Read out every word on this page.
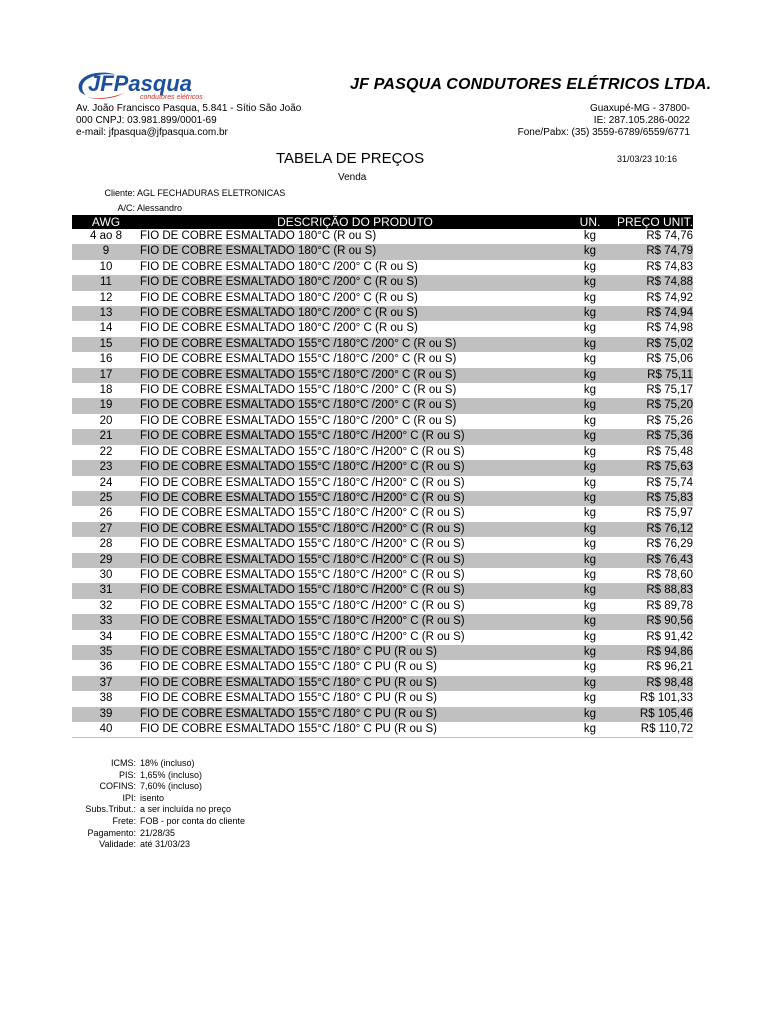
JFPasqua
condutores elétricos
JF PASQUA CONDUTORES ELÉTRICOS LTDA.
Av. João Francisco Pasqua, 5.841 - Sítio São João
000 CNPJ: 03.981.899/0001-69
e-mail: jfpasqua@jfpasqua.com.br
Guaxupé-MG - 37800-
IE: 287.105.286-0022
Fone/Pabx: (35) 3559-6789/6559/6771
TABELA DE PREÇOS
Venda
31/03/23 10:16
Cliente: AGL FECHADURAS ELETRONICAS
A/C: Alessandro
AWG	DESCRIÇÃO DO PRODUTO	UN.	PREÇO UNIT.
4 ao 8	FIO DE COBRE ESMALTADO 180°C (R ou S)	kg	R$ 74,76
9	FIO DE COBRE ESMALTADO 180°C (R ou S)	kg	R$ 74,79
10	FIO DE COBRE ESMALTADO 180°C /200° C (R ou S)	kg	R$ 74,83
11	FIO DE COBRE ESMALTADO 180°C /200° C (R ou S)	kg	R$ 74,88
12	FIO DE COBRE ESMALTADO 180°C /200° C (R ou S)	kg	R$ 74,92
13	FIO DE COBRE ESMALTADO 180°C /200° C (R ou S)	kg	R$ 74,94
14	FIO DE COBRE ESMALTADO 180°C /200° C (R ou S)	kg	R$ 74,98
15	FIO DE COBRE ESMALTADO 155°C /180°C /200° C (R ou S)	kg	R$ 75,02
16	FIO DE COBRE ESMALTADO 155°C /180°C /200° C (R ou S)	kg	R$ 75,06
17	FIO DE COBRE ESMALTADO 155°C /180°C /200° C (R ou S)	kg	R$ 75,11
18	FIO DE COBRE ESMALTADO 155°C /180°C /200° C (R ou S)	kg	R$ 75,17
19	FIO DE COBRE ESMALTADO 155°C /180°C /200° C (R ou S)	kg	R$ 75,20
20	FIO DE COBRE ESMALTADO 155°C /180°C /200° C (R ou S)	kg	R$ 75,26
21	FIO DE COBRE ESMALTADO 155°C /180°C /H200° C (R ou S)	kg	R$ 75,36
22	FIO DE COBRE ESMALTADO 155°C /180°C /H200° C (R ou S)	kg	R$ 75,48
23	FIO DE COBRE ESMALTADO 155°C /180°C /H200° C (R ou S)	kg	R$ 75,63
24	FIO DE COBRE ESMALTADO 155°C /180°C /H200° C (R ou S)	kg	R$ 75,74
25	FIO DE COBRE ESMALTADO 155°C /180°C /H200° C (R ou S)	kg	R$ 75,83
26	FIO DE COBRE ESMALTADO 155°C /180°C /H200° C (R ou S)	kg	R$ 75,97
27	FIO DE COBRE ESMALTADO 155°C /180°C /H200° C (R ou S)	kg	R$ 76,12
28	FIO DE COBRE ESMALTADO 155°C /180°C /H200° C (R ou S)	kg	R$ 76,29
29	FIO DE COBRE ESMALTADO 155°C /180°C /H200° C (R ou S)	kg	R$ 76,43
30	FIO DE COBRE ESMALTADO 155°C /180°C /H200° C (R ou S)	kg	R$ 78,60
31	FIO DE COBRE ESMALTADO 155°C /180°C /H200° C (R ou S)	kg	R$ 88,83
32	FIO DE COBRE ESMALTADO 155°C /180°C /H200° C (R ou S)	kg	R$ 89,78
33	FIO DE COBRE ESMALTADO 155°C /180°C /H200° C (R ou S)	kg	R$ 90,56
34	FIO DE COBRE ESMALTADO 155°C /180°C /H200° C (R ou S)	kg	R$ 91,42
35	FIO DE COBRE ESMALTADO 155°C /180° C PU (R ou S)	kg	R$ 94,86
36	FIO DE COBRE ESMALTADO 155°C /180° C PU (R ou S)	kg	R$ 96,21
37	FIO DE COBRE ESMALTADO 155°C /180° C PU (R ou S)	kg	R$ 98,48
38	FIO DE COBRE ESMALTADO 155°C /180° C PU (R ou S)	kg	R$ 101,33
39	FIO DE COBRE ESMALTADO 155°C /180° C PU (R ou S)	kg	R$ 105,46
40	FIO DE COBRE ESMALTADO 155°C /180° C PU (R ou S)	kg	R$ 110,72
ICMS: 18% (incluso)
PIS: 1,65% (incluso)
COFINS: 7,60% (incluso)
IPI: isento
Subs.Tribut.: a ser incluída no preço
Frete: FOB - por conta do cliente
Pagamento: 21/28/35
Validade: até 31/03/23
